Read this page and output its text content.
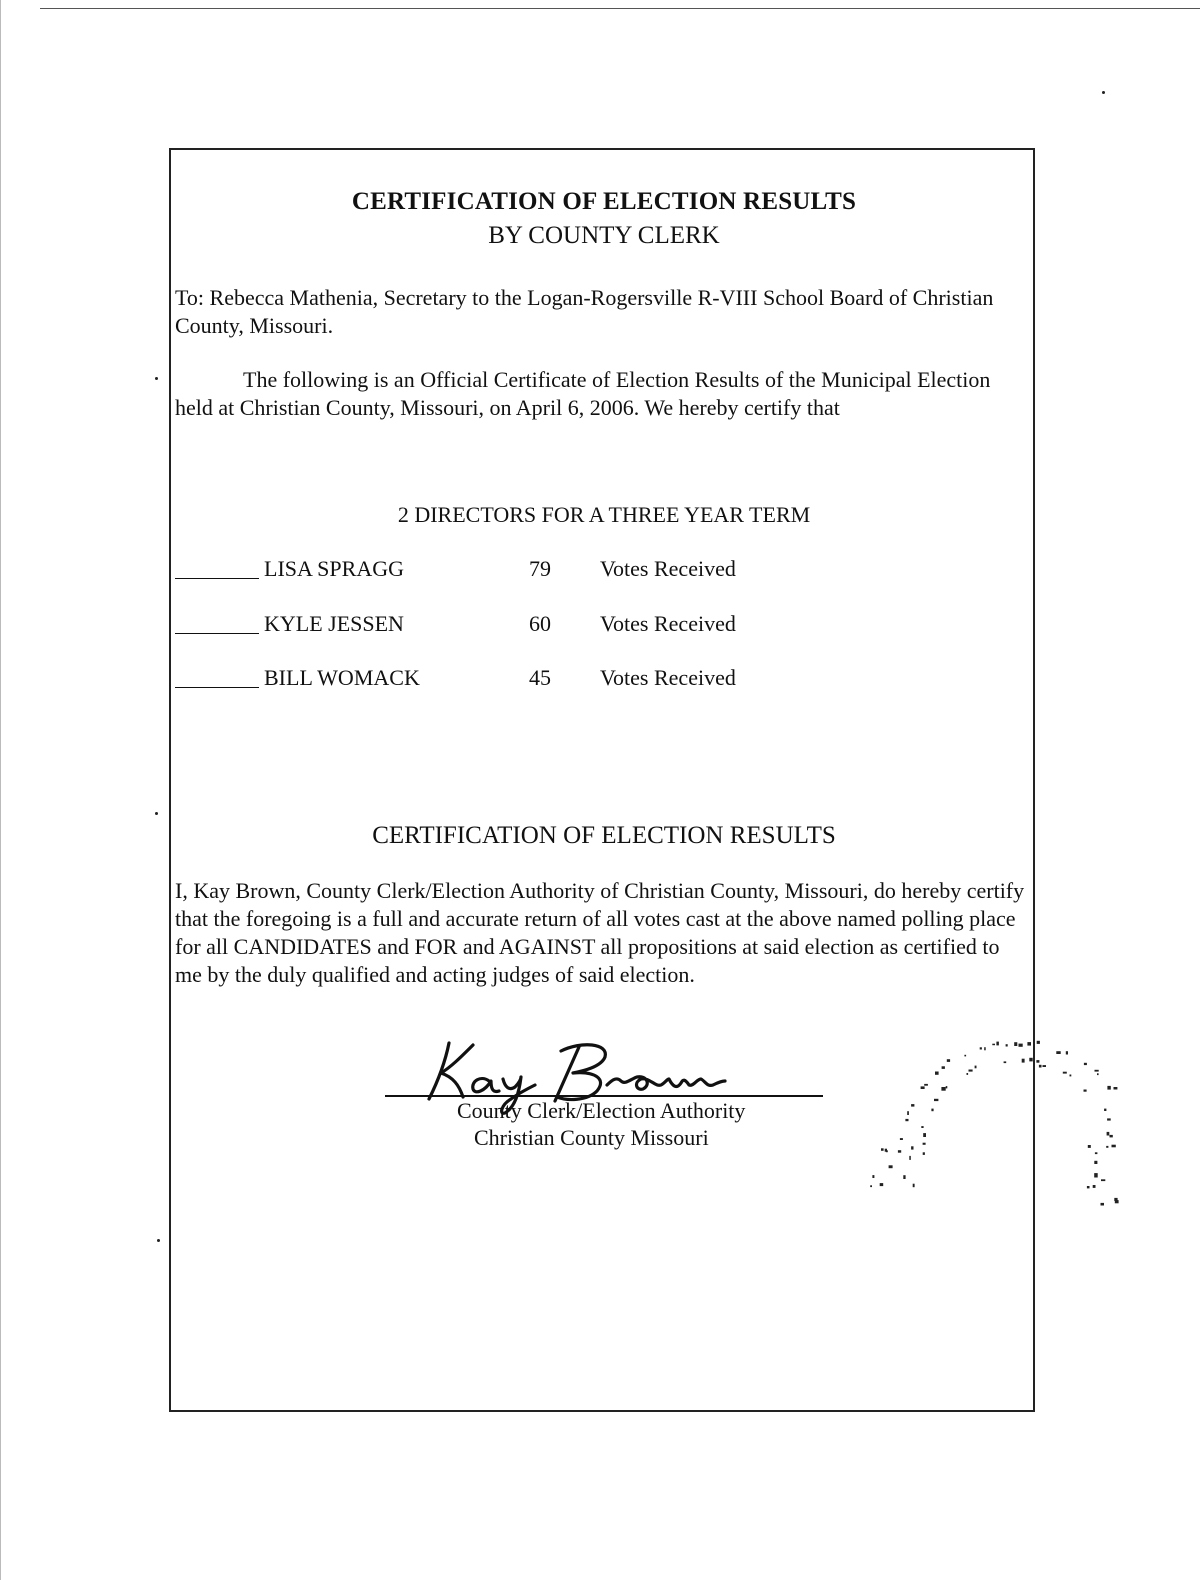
CERTIFICATION OF ELECTION RESULTS
BY COUNTY CLERK
To: Rebecca Mathenia, Secretary to the Logan-Rogersville R-VIII School Board of Christian County, Missouri.
The following is an Official Certificate of Election Results of the Municipal Election held at Christian County, Missouri, on April 6, 2006. We hereby certify that
2 DIRECTORS FOR A THREE YEAR TERM
LISA SPRAGG	79 Votes Received
KYLE JESSEN	60 Votes Received
BILL WOMACK	45 Votes Received
CERTIFICATION OF ELECTION RESULTS
I, Kay Brown, County Clerk/Election Authority of Christian County, Missouri, do hereby certify that the foregoing is a full and accurate return of all votes cast at the above named polling place for all CANDIDATES and FOR and AGAINST all propositions at said election as certified to me by the duly qualified and acting judges of said election.
County Clerk/Election Authority
Christian County Missouri
